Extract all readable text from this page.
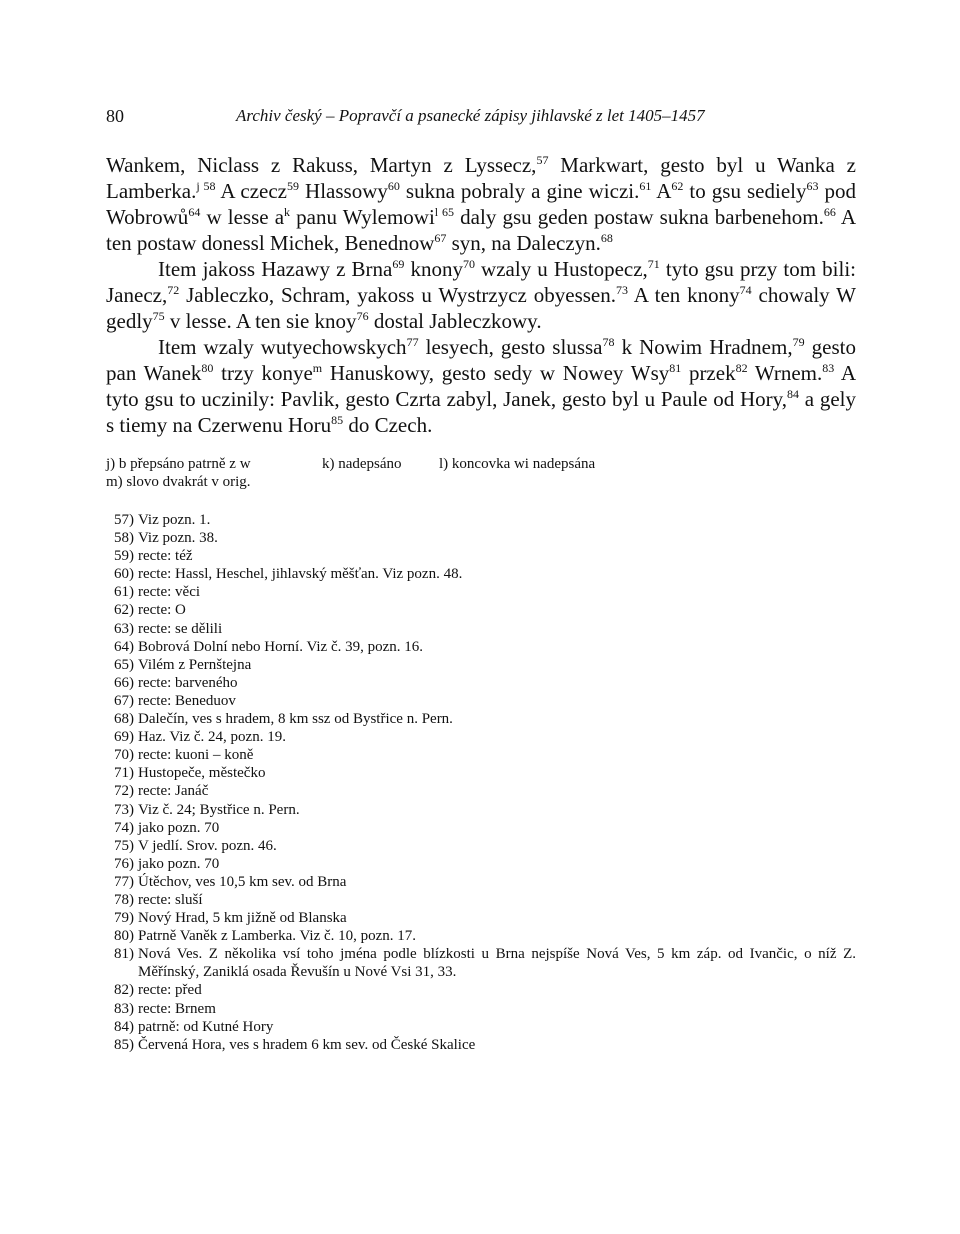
80	Archiv český – Popravčí a psanecké zápisy jihlavské z let 1405–1457

Wankem, Niclass z Rakuss, Martyn z Lyssecz,$^{57}$ Markwart, gesto byl u Wanka z Lamberka.$^{j 58}$ A czecz$^{59}$ Hlassowy$^{60}$ sukna pobraly a gine wiczi.$^{61}$ $A^{62}$ to gsu sediely$^{63}$ pod Wobrowů$^{64}$ w lesse $a^k$ panu Wylemowi$^{l 65}$ daly gsu geden postaw sukna barbenehom.$^{66}$ A ten postaw donessl Michek, Benednow$^{67}$ syn, na Daleczyn.$^{68}$

Item jakoss Hazawy z Brna$^{69}$ knony$^{70}$ wzaly u Hustopecz,$^{71}$ tyto gsu przy tom bili: Janecz,$^{72}$ Jableczko, Schram, yakoss u Wystrzycz obyessen.$^{73}$ A ten knony$^{74}$ chowaly W gedly$^{75}$ v lesse. A ten sie knoy$^{76}$ dostal Jableczkowy.

Item wzaly wutyechowskych$^{77}$ lesyech, gesto slussa$^{78}$ k Nowim Hradnem,$^{79}$ gesto pan Wanek$^{80}$ trzy konye$^m$ Hanuskowy, gesto sedy w Nowey Wsy$^{81}$ przek$^{82}$ Wrnem.$^{83}$ A tyto gsu to uczinily: Pavlik, gesto Czrta zabyl, Janek, gesto byl u Paule od Hory,$^{84}$ a gely s tiemy na Czerwenu Horu$^{85}$ do Czech.

j) b přepsáno patrně z w	k) nadepsáno l) koncovka wi nadepsána
m) slovo dvakrát v orig.
57) Viz pozn. 1.
58) Viz pozn. 38.
59) recte: též
60) recte: Hassl, Heschel, jihlavský měšťan. Viz pozn. 48.
61) recte: věci
62) recte: O
63) recte: se dělili
64) Bobrová Dolní nebo Horní. Viz č. 39, pozn. 16.
65) Vilém z Pernštejna
66) recte: barveného
67) recte: Beneduov
68) Dalečín, ves s hradem, 8 km ssz od Bystřice n. Pern.
69) Haz. Viz č. 24, pozn. 19.
70) recte: kuoni – koně
71) Hustopeče, městečko
72) recte: Janáč
73) Viz č. 24; Bystřice n. Pern.
74) jako pozn. 70
75) V jedlí. Srov. pozn. 46.
76) jako pozn. 70
77) Útěchov, ves 10,5 km sev. od Brna
78) recte: sluší
79) Nový Hrad, 5 km jižně od Blanska
80) Patrně Vaněk z Lamberka. Viz č. 10, pozn. 17.
81) Nová Ves. Z několika vsí toho jména podle blízkosti u Brna nejspíše Nová Ves, 5 km záp. od Ivančic, o níž Z. Měřínský, Zaniklá osada Řevušín u Nové Vsi 31, 33.
82) recte: před
83) recte: Brnem
84) patrně: od Kutné Hory
85) Červená Hora, ves s hradem 6 km sev. od České Skalice
